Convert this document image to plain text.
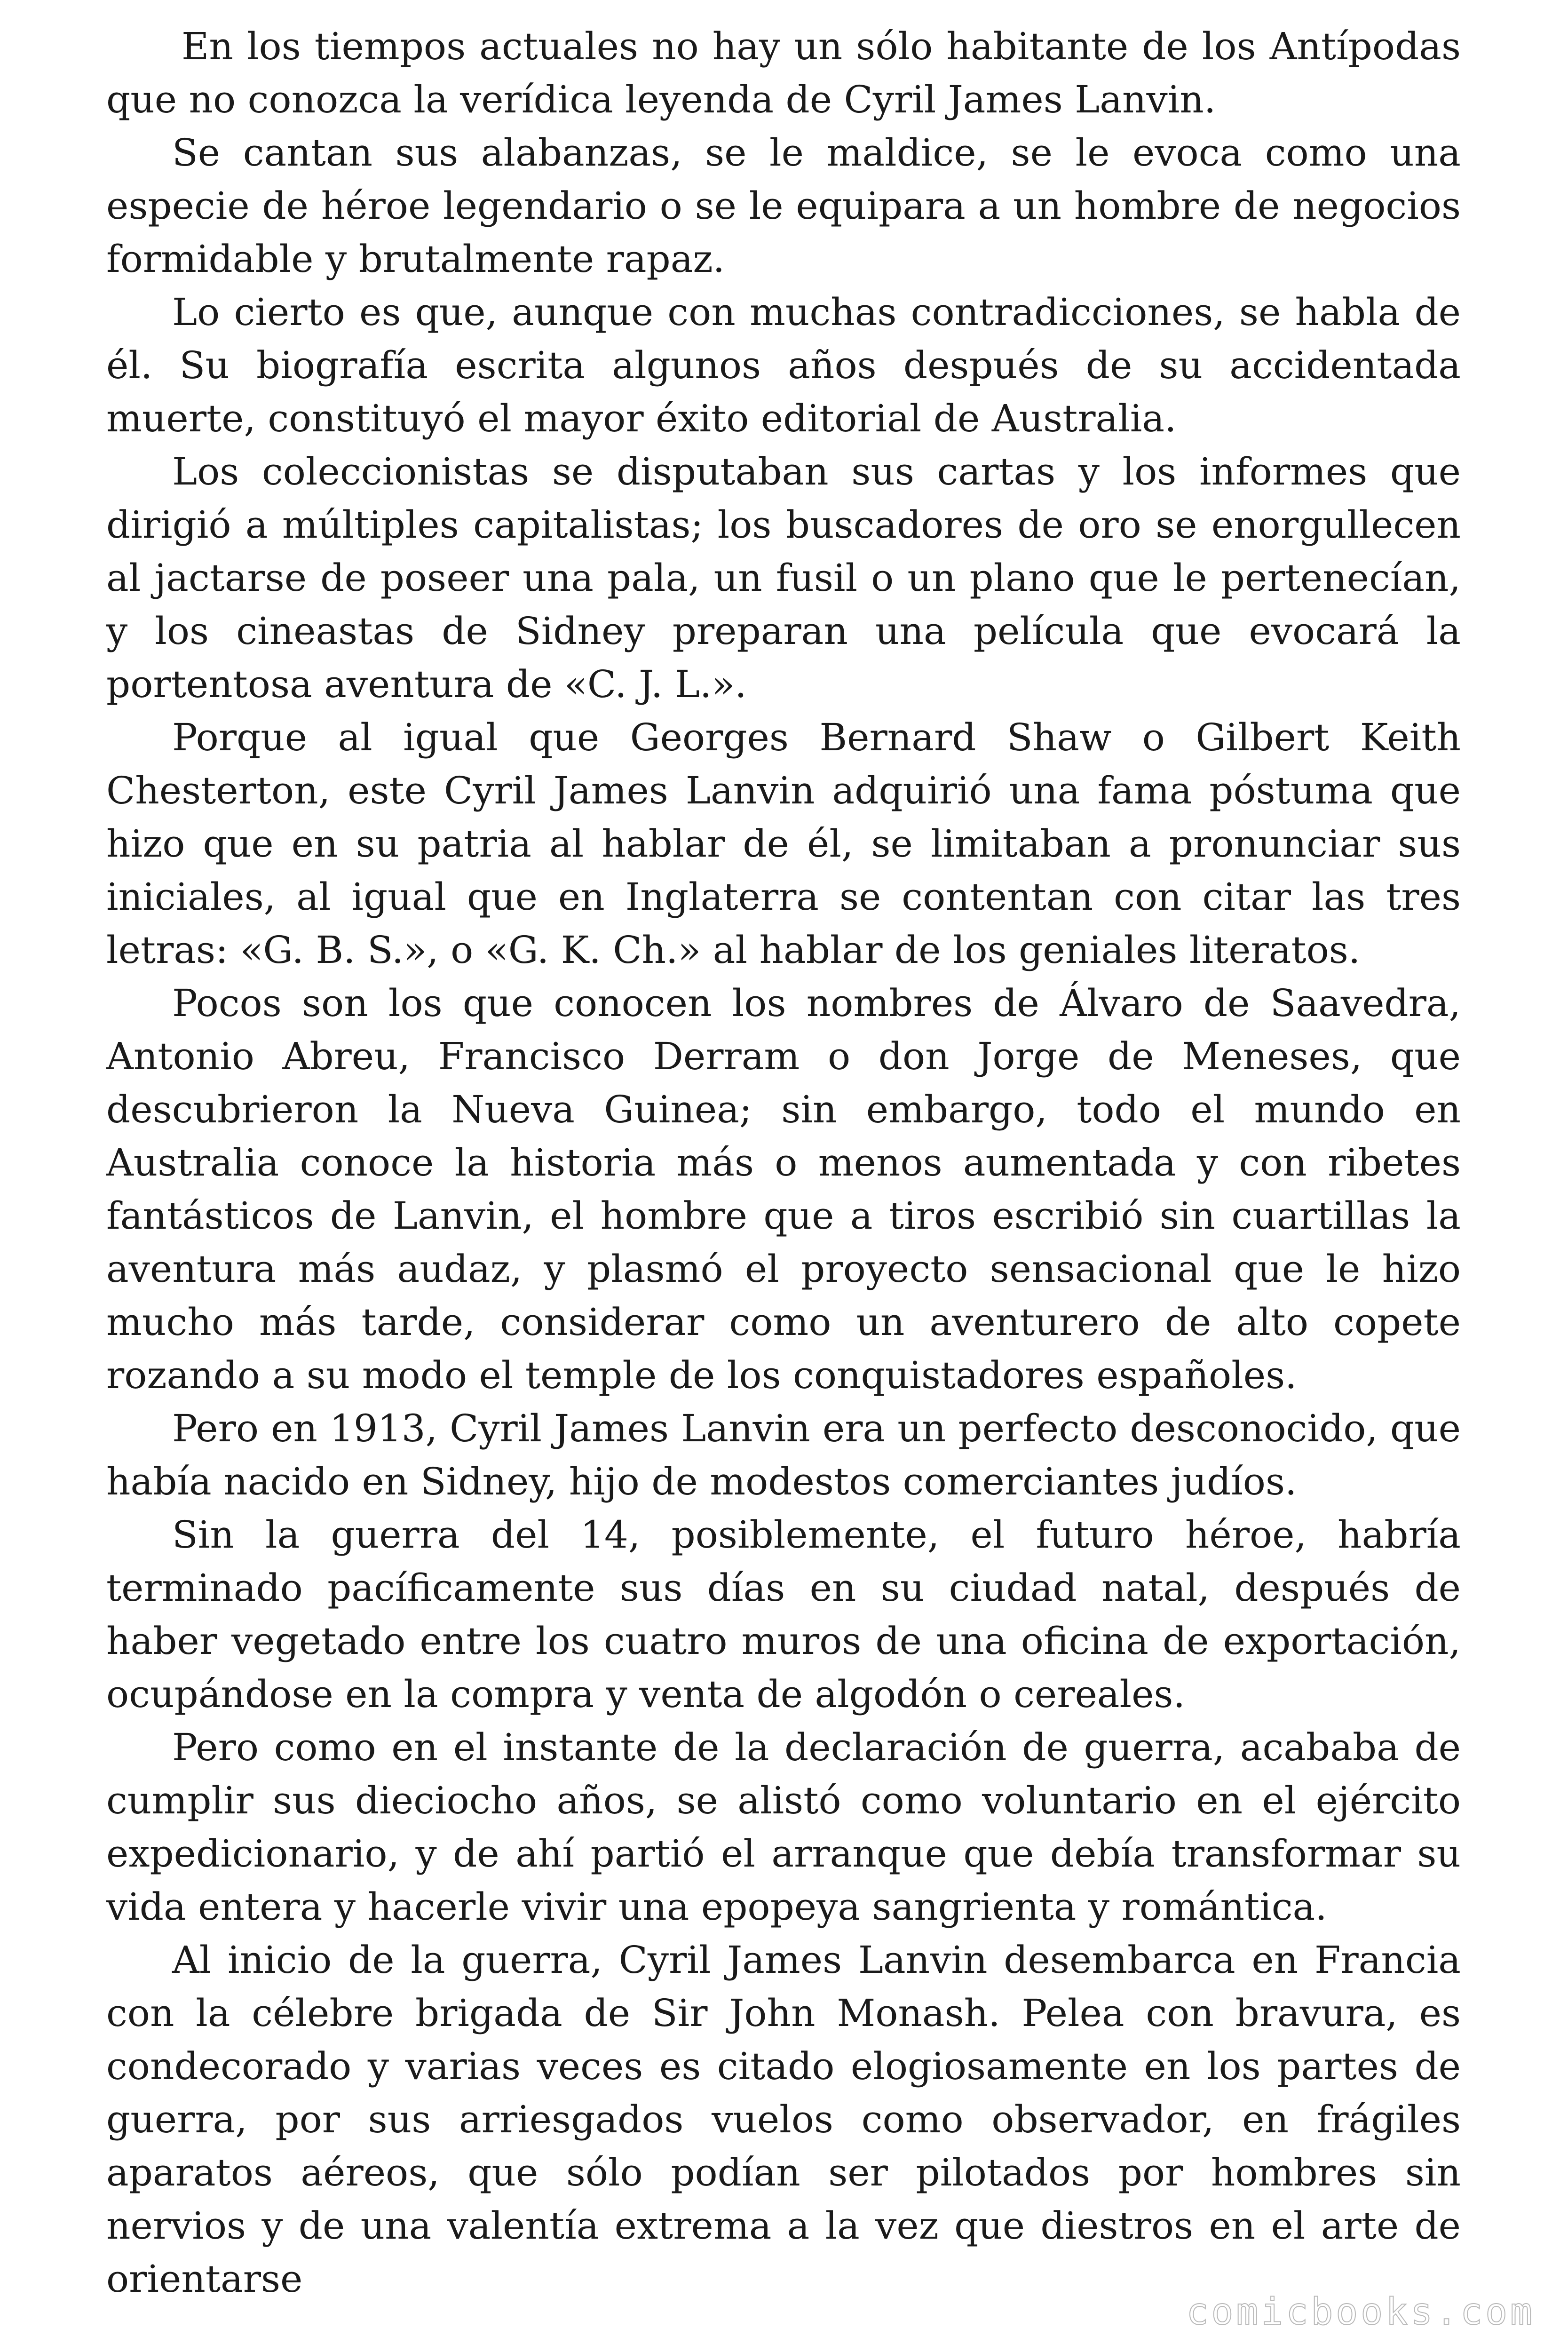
En los tiempos actuales no hay un sólo habitante de los Antípodas que no conozca la verídica leyenda de Cyril James Lanvin.

Se cantan sus alabanzas, se le maldice, se le evoca como una especie de héroe legendario o se le equipara a un hombre de negocios formidable y brutalmente rapaz.

Lo cierto es que, aunque con muchas contradicciones, se habla de él. Su biografía escrita algunos años después de su accidentada muerte, constituyó el mayor éxito editorial de Australia.

Los coleccionistas se disputaban sus cartas y los informes que dirigió a múltiples capitalistas; los buscadores de oro se enorgullecen al jactarse de poseer una pala, un fusil o un plano que le pertenecían, y los cineastas de Sidney preparan una película que evocará la portentosa aventura de «C. J. L.».

Porque al igual que Georges Bernard Shaw o Gilbert Keith Chesterton, este Cyril James Lanvin adquirió una fama póstuma que hizo que en su patria al hablar de él, se limitaban a pronunciar sus iniciales, al igual que en Inglaterra se contentan con citar las tres letras: «G. B. S.», o «G. K. Ch.» al hablar de los geniales literatos.

Pocos son los que conocen los nombres de Álvaro de Saavedra, Antonio Abreu, Francisco Derram o don Jorge de Meneses, que descubrieron la Nueva Guinea; sin embargo, todo el mundo en Australia conoce la historia más o menos aumentada y con ribetes fantásticos de Lanvin, el hombre que a tiros escribió sin cuartillas la aventura más audaz, y plasmó el proyecto sensacional que le hizo mucho más tarde, considerar como un aventurero de alto copete rozando a su modo el temple de los conquistadores españoles.

Pero en 1913, Cyril James Lanvin era un perfecto desconocido, que había nacido en Sidney, hijo de modestos comerciantes judíos.

Sin la guerra del 14, posiblemente, el futuro héroe, habría terminado pacíficamente sus días en su ciudad natal, después de haber vegetado entre los cuatro muros de una oficina de exportación, ocupándose en la compra y venta de algodón o cereales.

Pero como en el instante de la declaración de guerra, acababa de cumplir sus dieciocho años, se alistó como voluntario en el ejército expedicionario, y de ahí partió el arranque que debía transformar su vida entera y hacerle vivir una epopeya sangrienta y romántica.

Al inicio de la guerra, Cyril James Lanvin desembarca en Francia con la célebre brigada de Sir John Monash. Pelea con bravura, es condecorado y varias veces es citado elogiosamente en los partes de guerra, por sus arriesgados vuelos como observador, en frágiles aparatos aéreos, que sólo podían ser pilotados por hombres sin nervios y de una valentía extrema a la vez que diestros en el arte de orientarse

comicbooks.com
